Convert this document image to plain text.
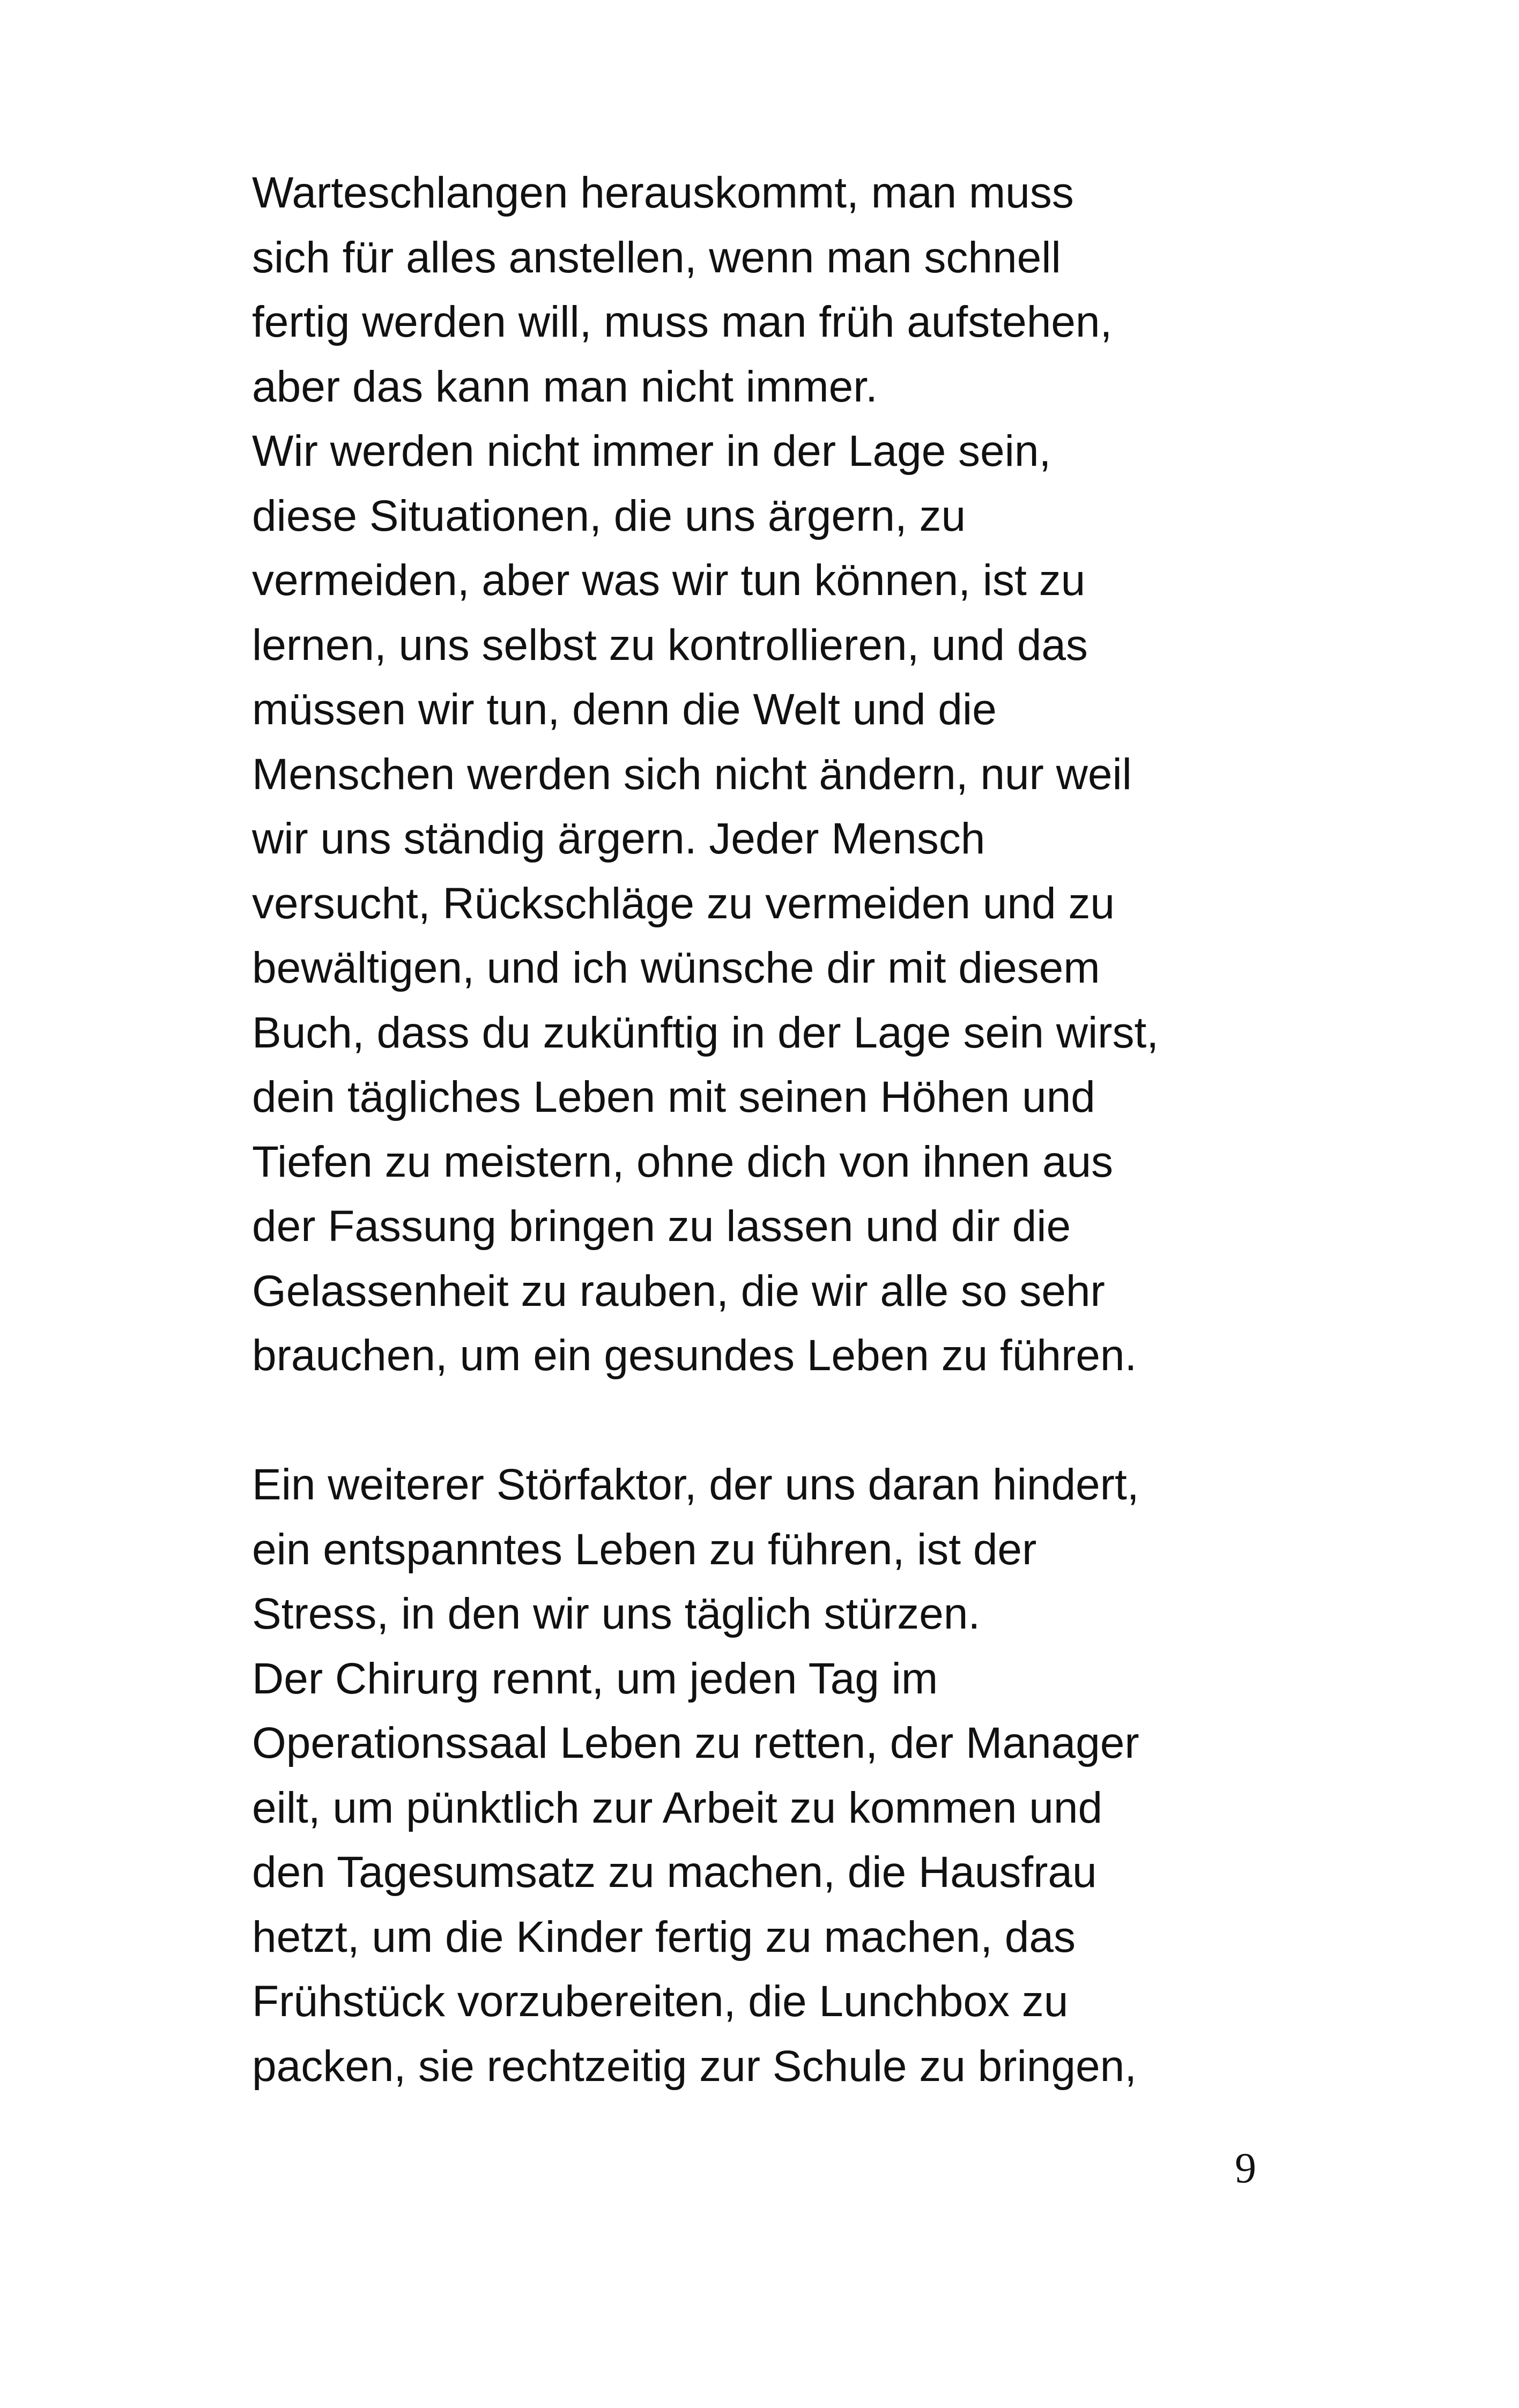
Warteschlangen herauskommt, man muss
sich für alles anstellen, wenn man schnell
fertig werden will, muss man früh aufstehen,
aber das kann man nicht immer.
Wir werden nicht immer in der Lage sein,
diese Situationen, die uns ärgern, zu
vermeiden, aber was wir tun können, ist zu
lernen, uns selbst zu kontrollieren, und das
müssen wir tun, denn die Welt und die
Menschen werden sich nicht ändern, nur weil
wir uns ständig ärgern. Jeder Mensch
versucht, Rückschläge zu vermeiden und zu
bewältigen, und ich wünsche dir mit diesem
Buch, dass du zukünftig in der Lage sein wirst,
dein tägliches Leben mit seinen Höhen und
Tiefen zu meistern, ohne dich von ihnen aus
der Fassung bringen zu lassen und dir die
Gelassenheit zu rauben, die wir alle so sehr
brauchen, um ein gesundes Leben zu führen.
Ein weiterer Störfaktor, der uns daran hindert,
ein entspanntes Leben zu führen, ist der
Stress, in den wir uns täglich stürzen.
Der Chirurg rennt, um jeden Tag im
Operationssaal Leben zu retten, der Manager
eilt, um pünktlich zur Arbeit zu kommen und
den Tagesumsatz zu machen, die Hausfrau
hetzt, um die Kinder fertig zu machen, das
Frühstück vorzubereiten, die Lunchbox zu
packen, sie rechtzeitig zur Schule zu bringen,
9
